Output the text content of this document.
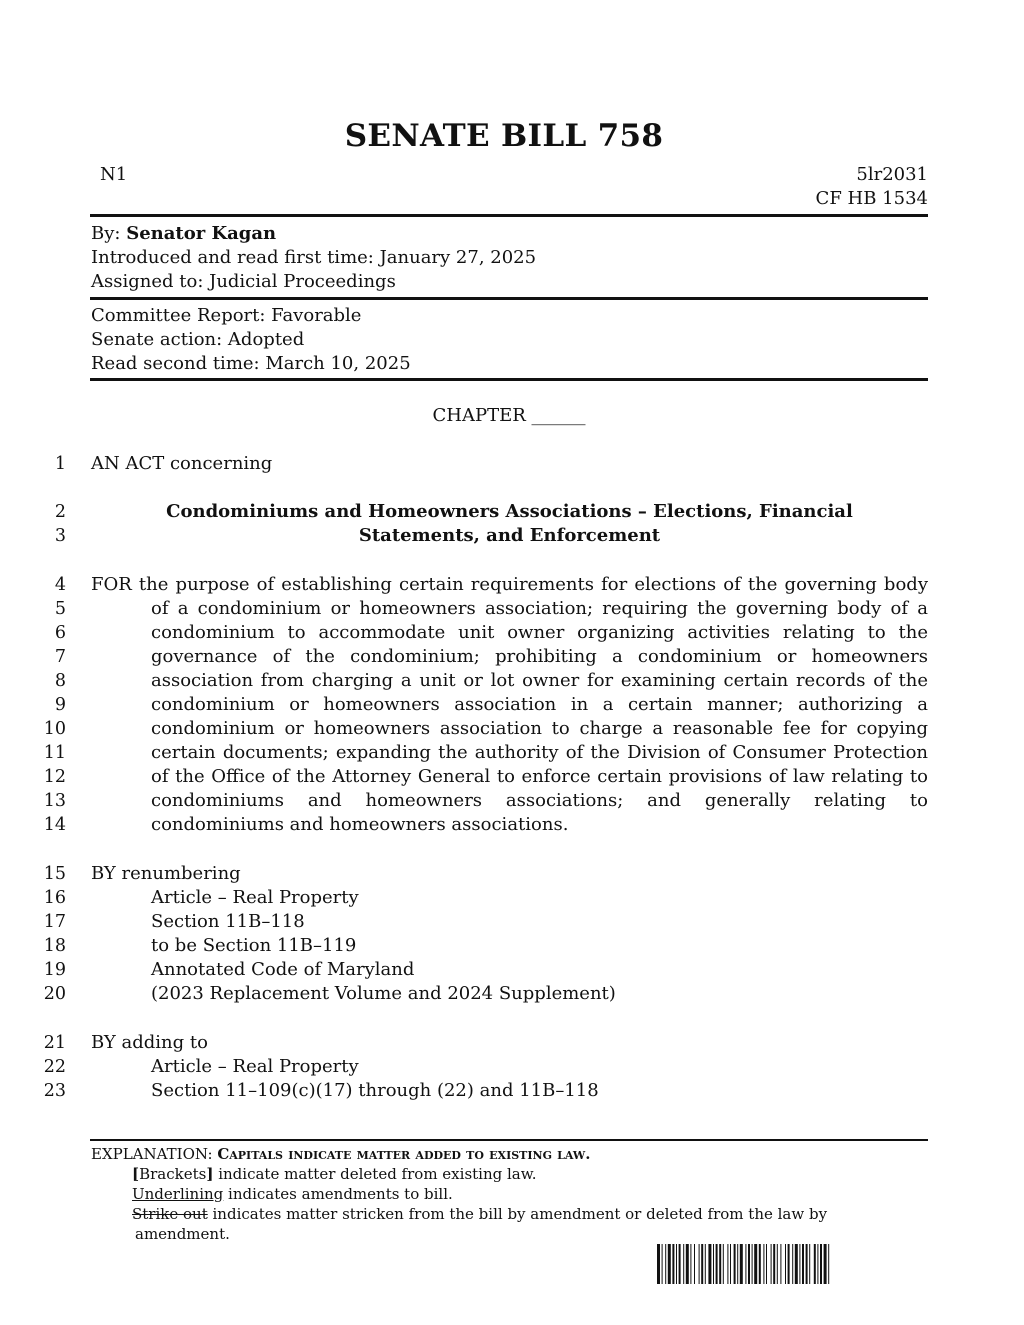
SENATE BILL 758
N1	5lr2031
CF HB 1534
By: Senator Kagan
Introduced and read first time: January 27, 2025
Assigned to: Judicial Proceedings
Committee Report: Favorable
Senate action: Adopted
Read second time: March 10, 2025
CHAPTER ______
1 AN ACT concerning
2	Condominiums and Homeowners Associations – Elections, Financial
3	Statements, and Enforcement
4 FOR the purpose of establishing certain requirements for elections of the governing body
5	of a condominium or homeowners association; requiring the governing body of a
6	condominium to accommodate unit owner organizing activities relating to the
7	governance of the condominium; prohibiting a condominium or homeowners
8	association from charging a unit or lot owner for examining certain records of the
9	condominium or homeowners association in a certain manner; authorizing a
10	condominium or homeowners association to charge a reasonable fee for copying
11	certain documents; expanding the authority of the Division of Consumer Protection
12	of the Office of the Attorney General to enforce certain provisions of law relating to
13	condominiums and homeowners associations; and generally relating to
14	condominiums and homeowners associations.
15 BY renumbering
16	Article – Real Property
17	Section 11B–118
18	to be Section 11B–119
19	Annotated Code of Maryland
20	(2023 Replacement Volume and 2024 Supplement)
21 BY adding to
22	Article – Real Property
23	Section 11–109(c)(17) through (22) and 11B–118
EXPLANATION: Capitals indicate matter added to existing law.
[Brackets] indicate matter deleted from existing law.
Underlining indicates amendments to bill.
Strike out indicates matter stricken from the bill by amendment or deleted from the law by
amendment.
